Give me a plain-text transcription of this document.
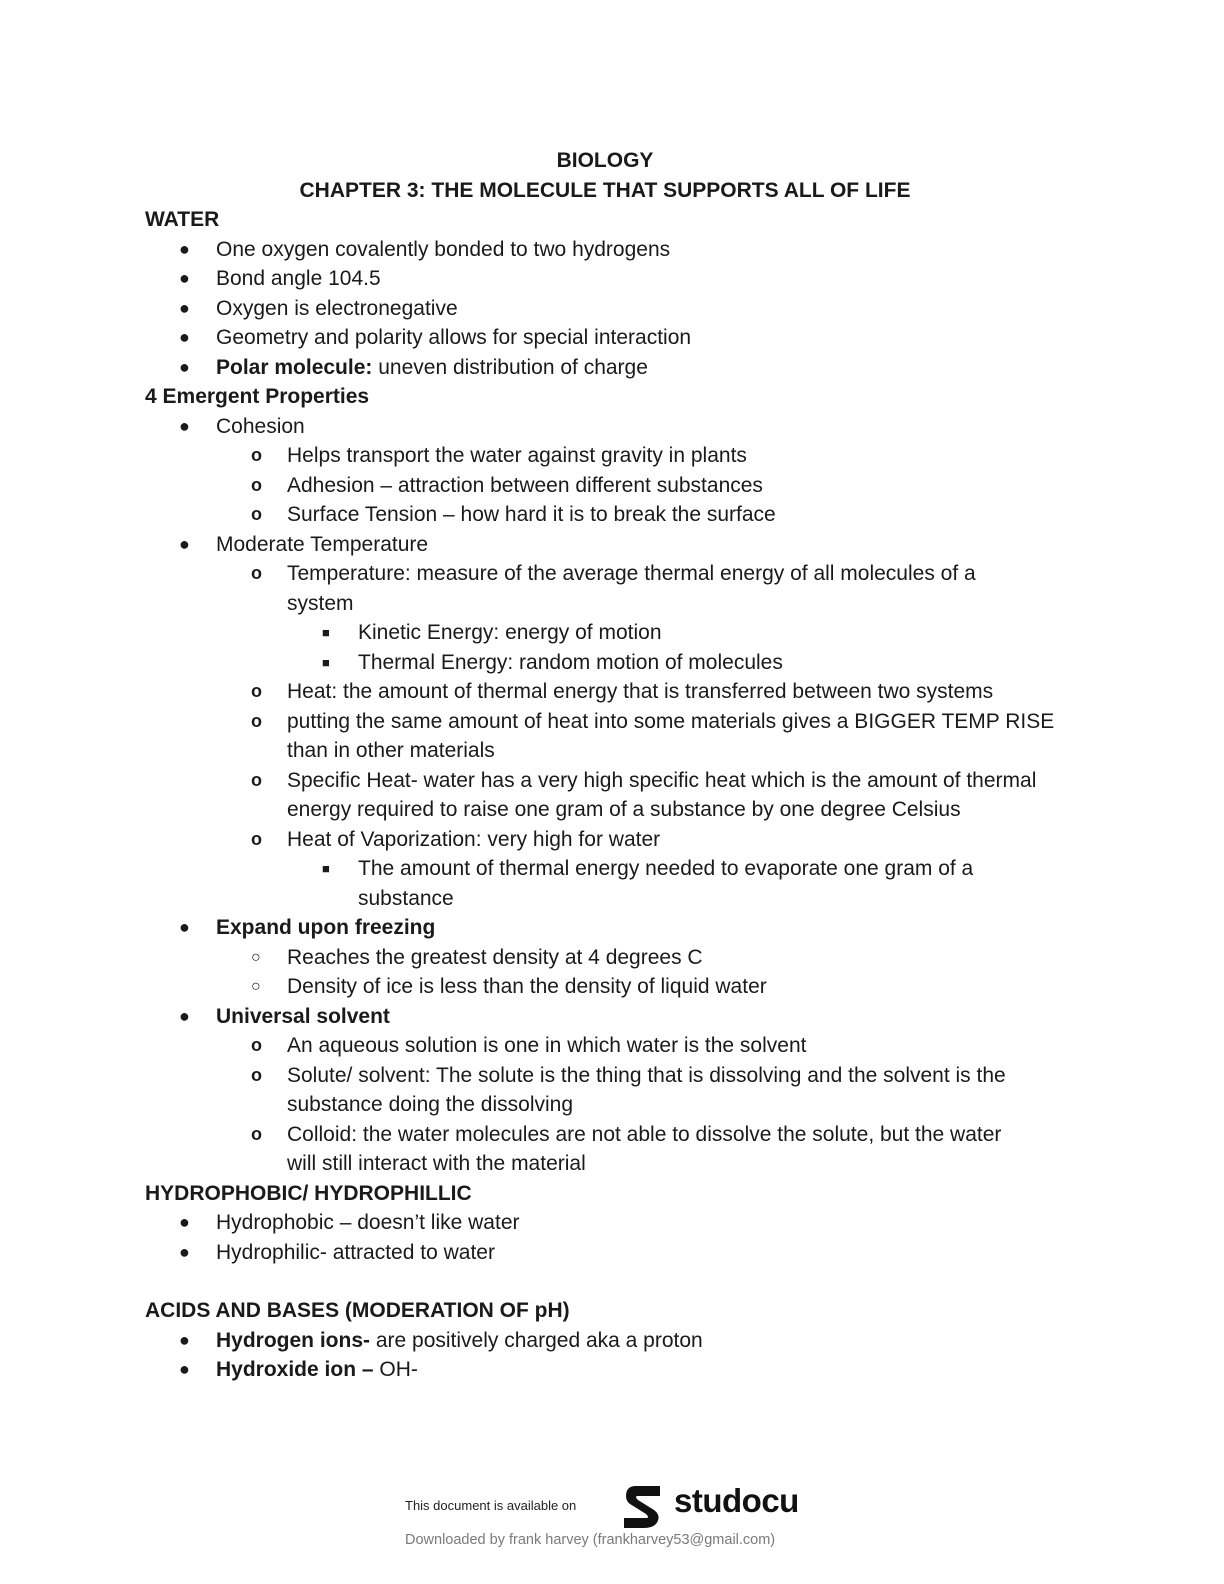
BIOLOGY
CHAPTER 3: THE MOLECULE THAT SUPPORTS ALL OF LIFE
WATER
● One oxygen covalently bonded to two hydrogens
● Bond angle 104.5
● Oxygen is electronegative
● Geometry and polarity allows for special interaction
● Polar molecule: uneven distribution of charge
4 Emergent Properties
● Cohesion
o Helps transport the water against gravity in plants
o Adhesion – attraction between different substances
o Surface Tension – how hard it is to break the surface
● Moderate Temperature
o Temperature: measure of the average thermal energy of all molecules of a
system
■ Kinetic Energy: energy of motion
■ Thermal Energy: random motion of molecules
o Heat: the amount of thermal energy that is transferred between two systems
o putting the same amount of heat into some materials gives a BIGGER TEMP RISE
than in other materials
o Specific Heat- water has a very high specific heat which is the amount of thermal
energy required to raise one gram of a substance by one degree Celsius
o Heat of Vaporization: very high for water
■ The amount of thermal energy needed to evaporate one gram of a
substance
● Expand upon freezing
○ Reaches the greatest density at 4 degrees C
○ Density of ice is less than the density of liquid water
● Universal solvent
o An aqueous solution is one in which water is the solvent
o Solute/ solvent: The solute is the thing that is dissolving and the solvent is the
substance doing the dissolving
o Colloid: the water molecules are not able to dissolve the solute, but the water
will still interact with the material
HYDROPHOBIC/ HYDROPHILLIC
● Hydrophobic – doesn’t like water
● Hydrophilic- attracted to water
ACIDS AND BASES (MODERATION OF pH)
● Hydrogen ions- are positively charged aka a proton
● Hydroxide ion – OH-
This document is available on	studocu
Downloaded by frank harvey (frankharvey53@gmail.com)
